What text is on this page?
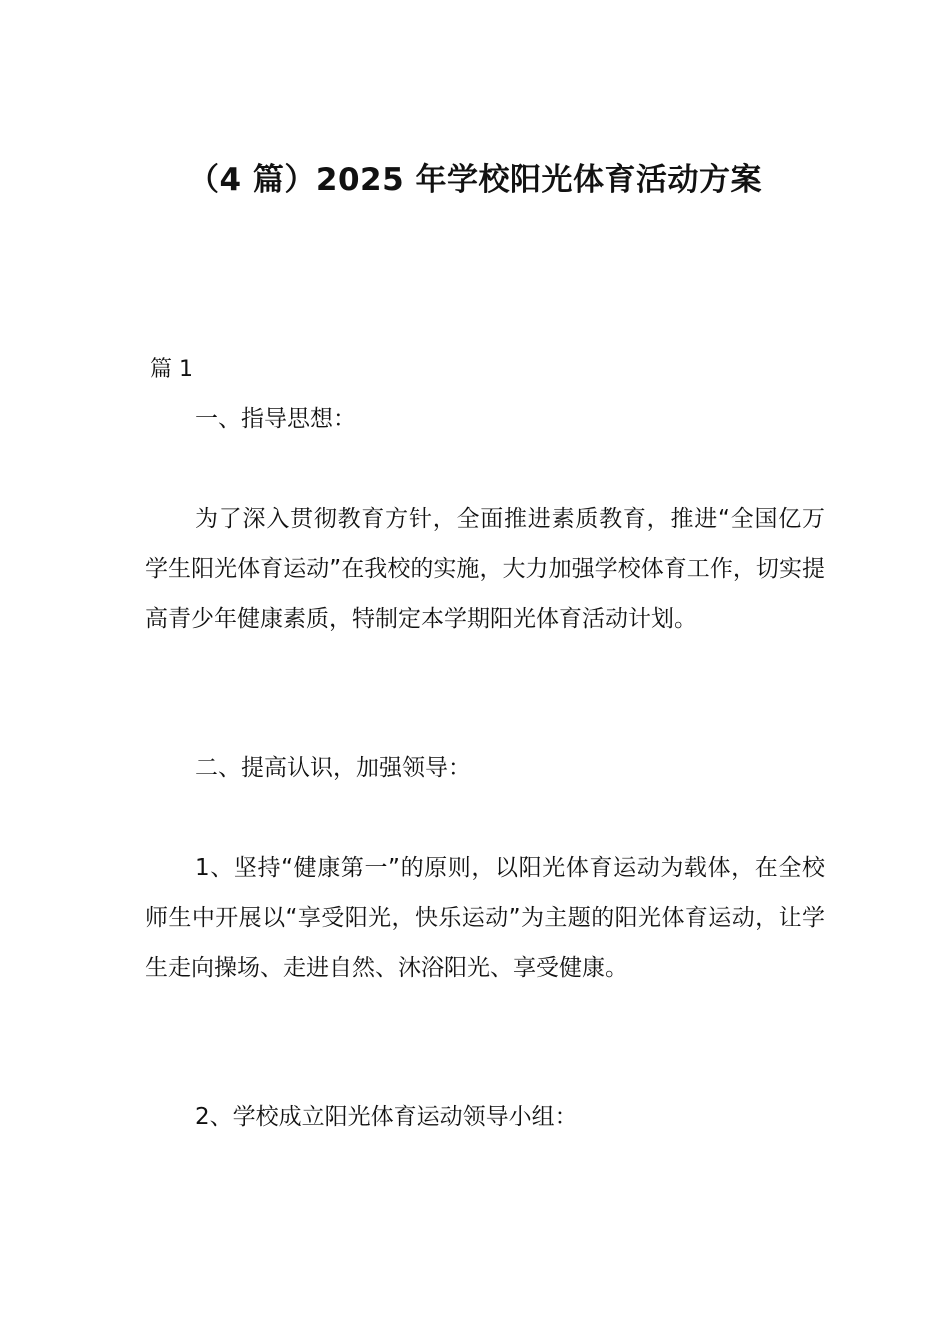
（4 篇）2025 年学校阳光体育活动方案

篇 1

一、指导思想：

为了深入贯彻教育方针，全面推进素质教育，推进“全国亿万学生阳光体育运动”在我校的实施，大力加强学校体育工作，切实提高青少年健康素质，特制定本学期阳光体育活动计划。

二、提高认识，加强领导：

1、坚持“健康第一”的原则，以阳光体育运动为载体，在全校师生中开展以“享受阳光，快乐运动”为主题的阳光体育运动，让学生走向操场、走进自然、沐浴阳光、享受健康。

2、学校成立阳光体育运动领导小组：
